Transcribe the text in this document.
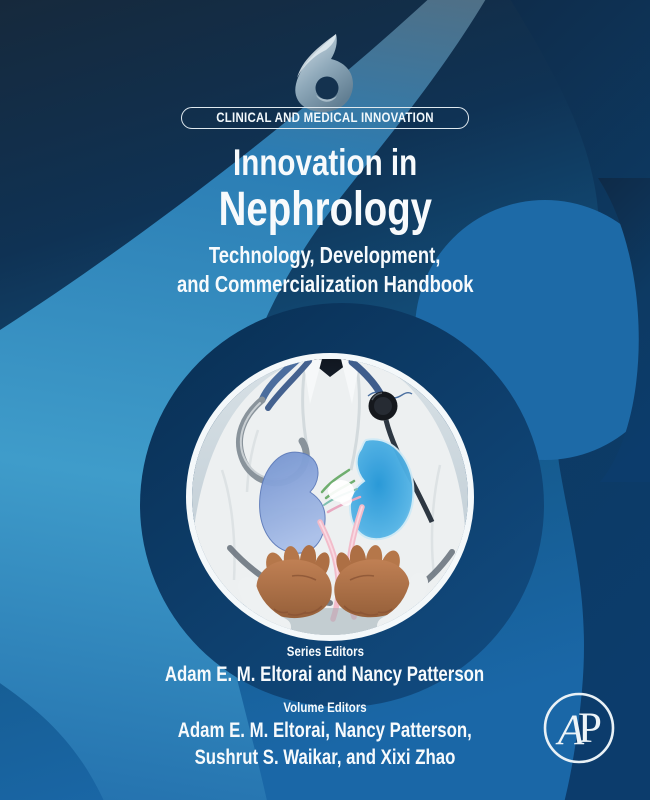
A
P
CLINICAL AND MEDICAL INNOVATION
Innovation in
Nephrology
Technology, Development,
and Commercialization Handbook
Series Editors
Adam E. M. Eltorai and Nancy Patterson
Volume Editors
Adam E. M. Eltorai, Nancy Patterson,
Sushrut S. Waikar, and Xixi Zhao
